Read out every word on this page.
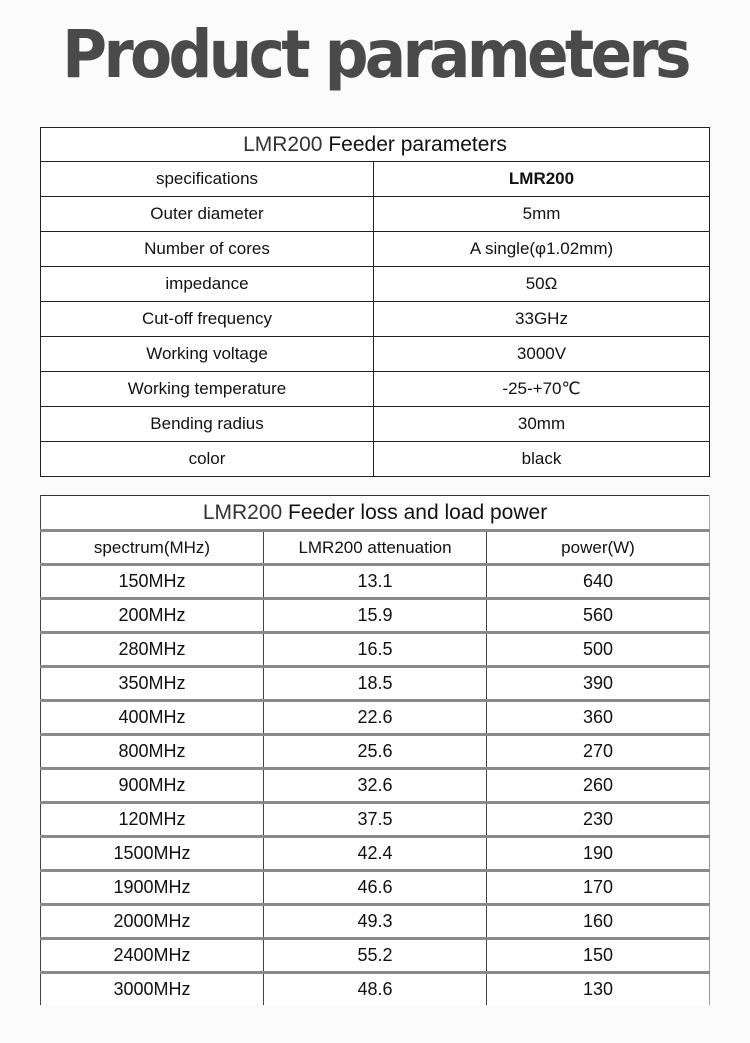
Product parameters
LMR200 Feeder parameters	
specifications	LMR200
Outer diameter	5mm
Number of cores	A single(φ1.02mm)
impedance	50Ω
Cut-off frequency	33GHz
Working voltage	3000V
Working temperature	-25-+70℃
Bending radius	30mm
color	black
LMR200 Feeder loss and load power		
spectrum(MHz)	LMR200 attenuation	power(W)
150MHz	13.1	640
200MHz	15.9	560
280MHz	16.5	500
350MHz	18.5	390
400MHz	22.6	360
800MHz	25.6	270
900MHz	32.6	260
120MHz	37.5	230
1500MHz	42.4	190
1900MHz	46.6	170
2000MHz	49.3	160
2400MHz	55.2	150
3000MHz	48.6	130
